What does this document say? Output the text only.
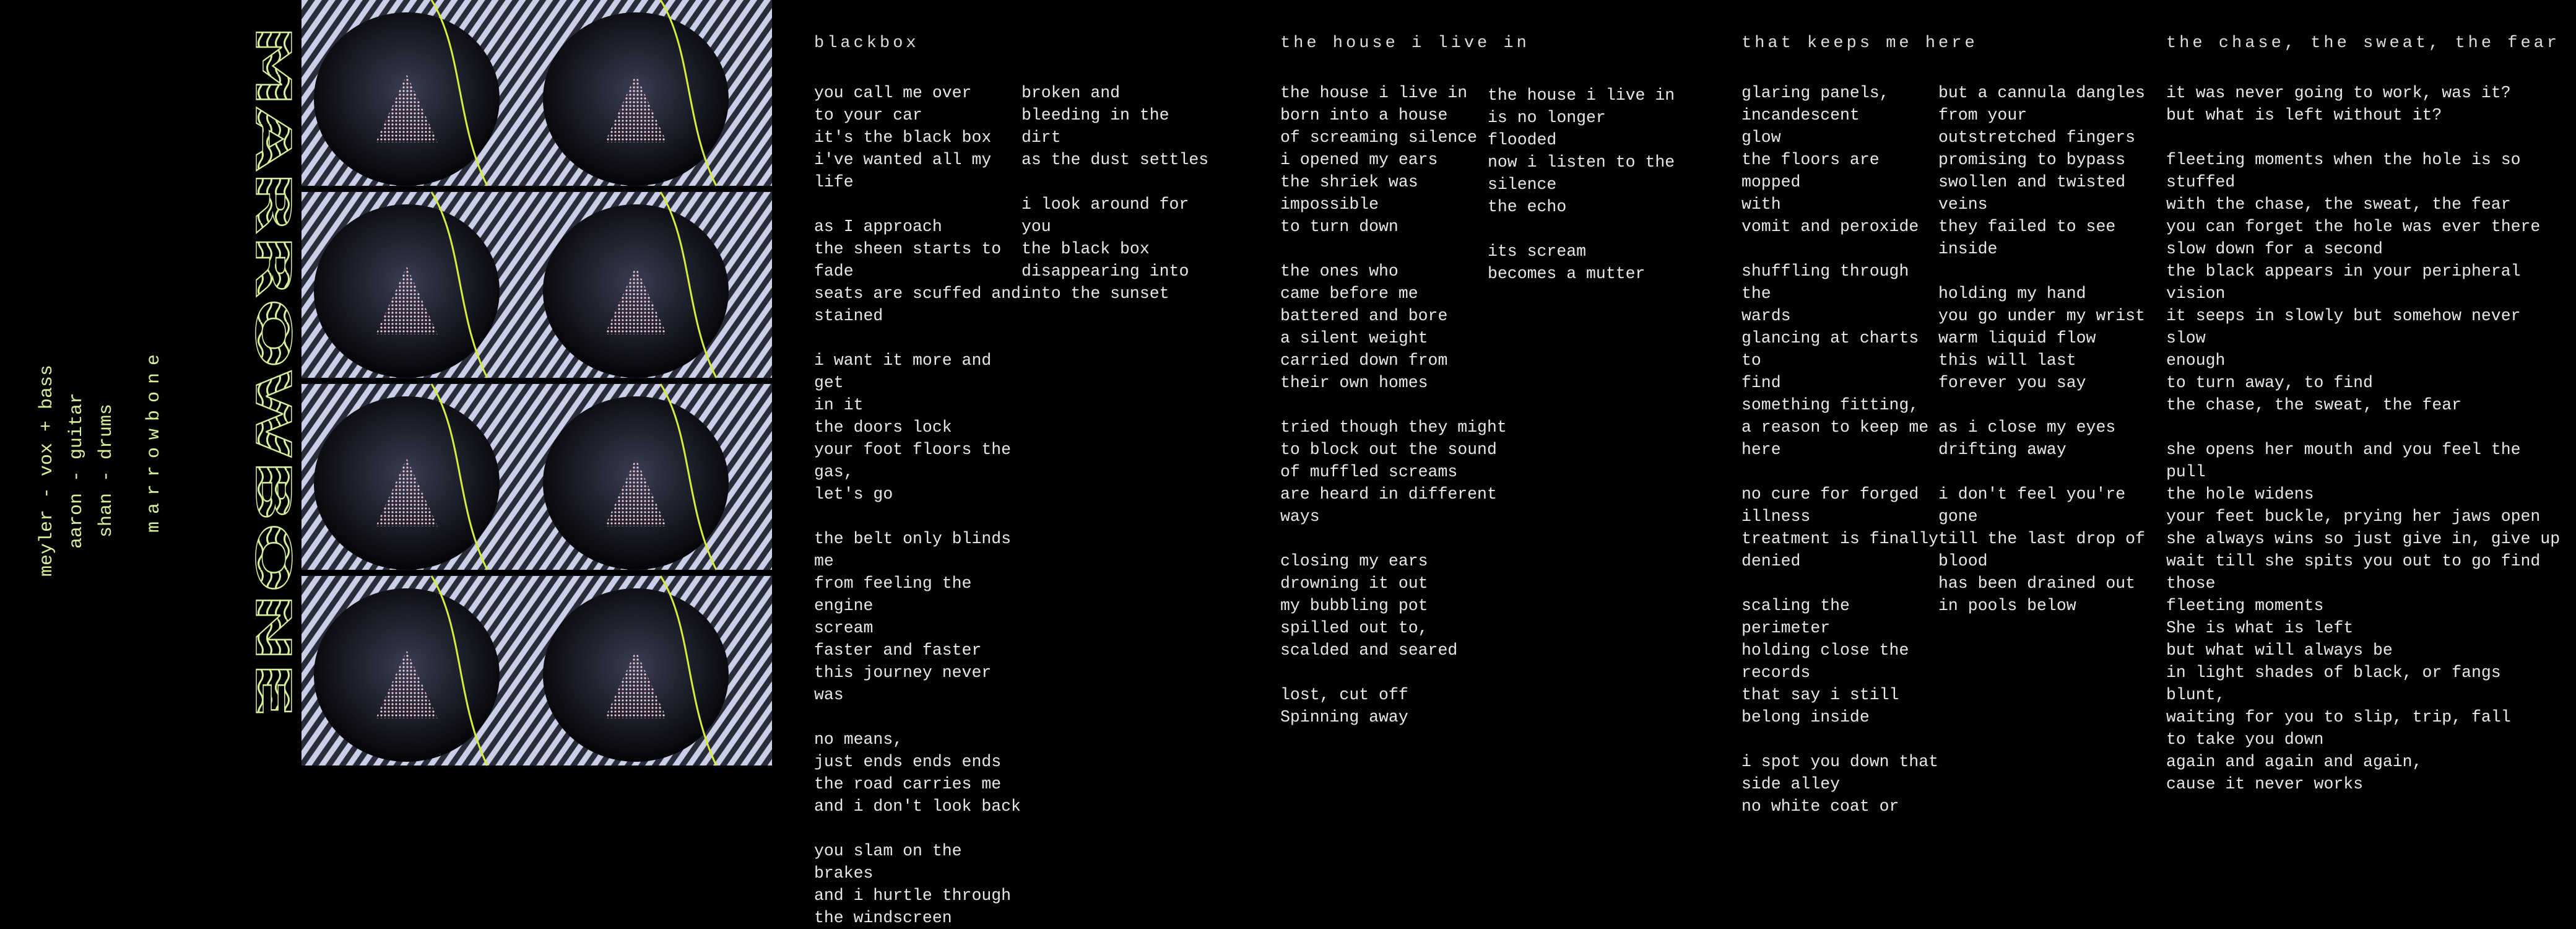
meyler - vox + bass aaron - guitar shan - drums marrowbone
MARROWBONE	blackbox
you call me over
to your car
it's the black box
i've wanted all my life
as I approach
the sheen starts to fade
seats are scuffed and
stained
i want it more and get
in it
the doors lock
your foot floors the gas,
let's go
the belt only blinds me
from feeling the engine
scream
faster and faster
this journey never was
no means,
just ends ends ends
the road carries me
and i don't look back
you slam on the brakes
and i hurtle through
the windscreen
broken and
bleeding in the
dirt
as the dust settles
i look around for
you
the black box
disappearing into
into the sunset
the house i live in
the house i live in
born into a house
of screaming silence
i opened my ears
the shriek was
impossible
to turn down
the ones who
came before me
battered and bore
a silent weight
carried down from
their own homes
tried though they might
to block out the sound
of muffled screams
are heard in different ways
closing my ears
drowning it out
my bubbling pot
spilled out to,
scalded and seared
lost, cut off
Spinning away
the house i live in
is no longer
flooded
now i listen to the
silence
the echo
its scream
becomes a mutter
that keeps me here
glaring panels,
incandescent
glow
the floors are mopped
with
vomit and peroxide
shuffling through the
wards
glancing at charts to
find
something fitting,
a reason to keep me
here
no cure for forged
illness
treatment is finally
denied
scaling the perimeter
holding close the
records
that say i still
belong inside
i spot you down that
side alley
no white coat or
but a cannula dangles
from your
outstretched fingers
promising to bypass
swollen and twisted
veins
they failed to see
inside
holding my hand
you go under my wrist
warm liquid flow
this will last
forever you say
as i close my eyes
drifting away
i don't feel you're
gone
till the last drop of
blood
has been drained out
in pools below
the chase, the sweat, the fear
it was never going to work, was it?
but what is left without it?
fleeting moments when the hole is so
stuffed
with the chase, the sweat, the fear
you can forget the hole was ever there
slow down for a second
the black appears in your peripheral
vision
it seeps in slowly but somehow never slow
enough
to turn away, to find
the chase, the sweat, the fear
she opens her mouth and you feel the pull
the hole widens
your feet buckle, prying her jaws open
she always wins so just give in, give up
wait till she spits you out to go find those
fleeting moments
She is what is left
but what will always be
in light shades of black, or fangs blunt,
waiting for you to slip, trip, fall
to take you down
again and again and again,
cause it never works
